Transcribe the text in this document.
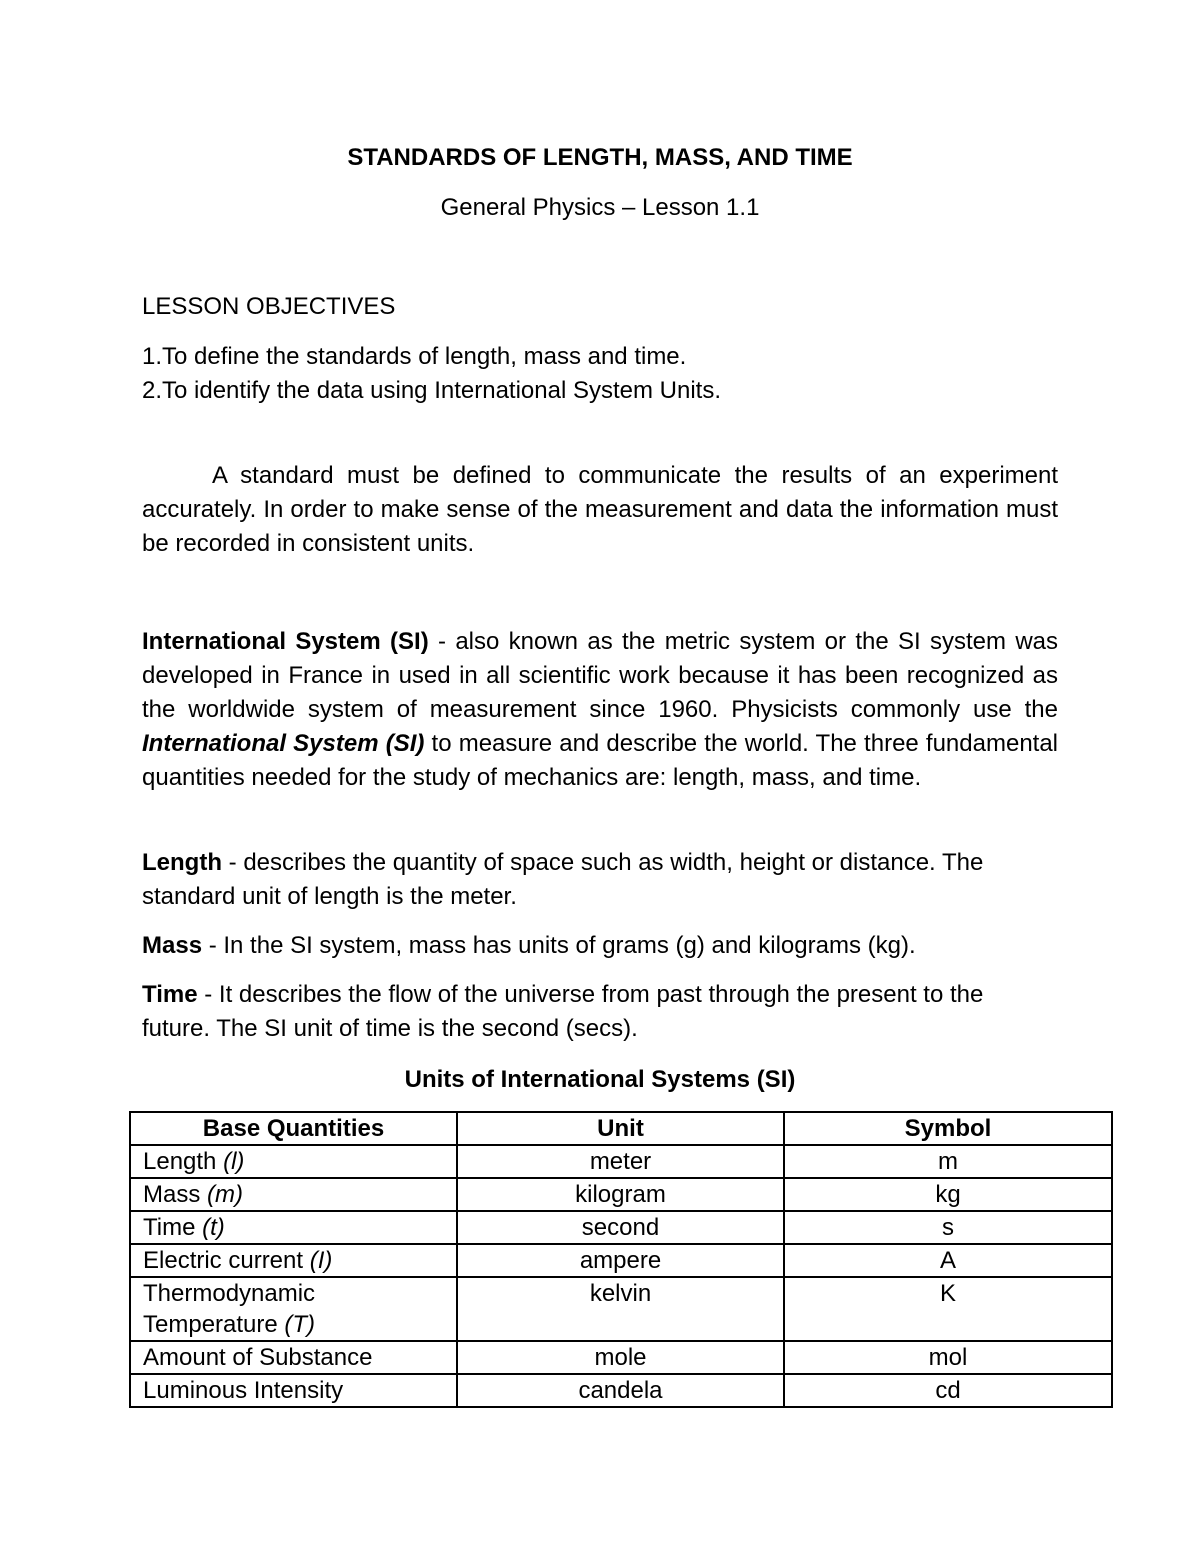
STANDARDS OF LENGTH, MASS, AND TIME
General Physics – Lesson 1.1
LESSON OBJECTIVES
1.To define the standards of length, mass and time.
2.To identify the data using International System Units.

A standard must be defined to communicate the results of an experiment accurately. In order to make sense of the measurement and data the information must be recorded in consistent units.

International System (SI) - also known as the metric system or the SI system was developed in France in used in all scientific work because it has been recognized as the worldwide system of measurement since 1960. Physicists commonly use the International System (SI) to measure and describe the world. The three fundamental quantities needed for the study of mechanics are: length, mass, and time.

Length - describes the quantity of space such as width, height or distance. The standard unit of length is the meter.

Mass - In the SI system, mass has units of grams (g) and kilograms (kg).

Time - It describes the flow of the universe from past through the present to the future. The SI unit of time is the second (secs).

Units of International Systems (SI)
Base Quantities	Unit	Symbol
Length (l)	meter	m
Mass (m)	kilogram	kg
Time (t)	second	s
Electric current (I)	ampere	A
Thermodynamic Temperature (T)	kelvin	K
Amount of Substance	mole	mol
Luminous Intensity	candela	cd
